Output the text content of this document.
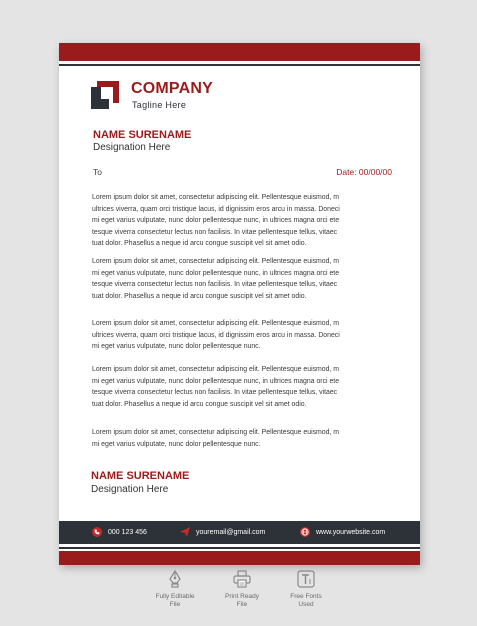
COMPANY
Tagline Here
NAME SURENAME
Designation Here
To	Date: 00/00/00
Lorem ipsum dolor sit amet, consectetur adipiscing elit. Pellentesque euismod, m
ultrices viverra, quam orci tristique lacus, id dignissim eros arcu in massa. Doneci
mi eget varius vulputate, nunc dolor pellentesque nunc, in ultrices magna orci ete
tesque viverra consectetur lectus non facilisis. In vitae pellentesque tellus, vitaec
tuat dolor. Phasellus a neque id arcu congue suscipit vel sit amet odio.
Lorem ipsum dolor sit amet, consectetur adipiscing elit. Pellentesque euismod, m
mi eget varius vulputate, nunc dolor pellentesque nunc, in ultrices magna orci ete
tesque viverra consectetur lectus non facilisis. In vitae pellentesque tellus, vitaec
tuat dolor. Phasellus a neque id arcu congue suscipit vel sit amet odio.
Lorem ipsum dolor sit amet, consectetur adipiscing elit. Pellentesque euismod, m
ultrices viverra, quam orci tristique lacus, id dignissim eros arcu in massa. Doneci
mi eget varius vulputate, nunc dolor pellentesque nunc.
Lorem ipsum dolor sit amet, consectetur adipiscing elit. Pellentesque euismod, m
mi eget varius vulputate, nunc dolor pellentesque nunc, in ultrices magna orci ete
tesque viverra consectetur lectus non facilisis. In vitae pellentesque tellus, vitaec
tuat dolor. Phasellus a neque id arcu congue suscipit vel sit amet odio.
Lorem ipsum dolor sit amet, consectetur adipiscing elit. Pellentesque euismod, m
mi eget varius vulputate, nunc dolor pellentesque nunc.
NAME SURENAME
Designation Here
000 123 456	youremail@gmail.com	www.yourwebsite.com
Fully Editable
File
Print Ready
File
Free Fonts
Used
